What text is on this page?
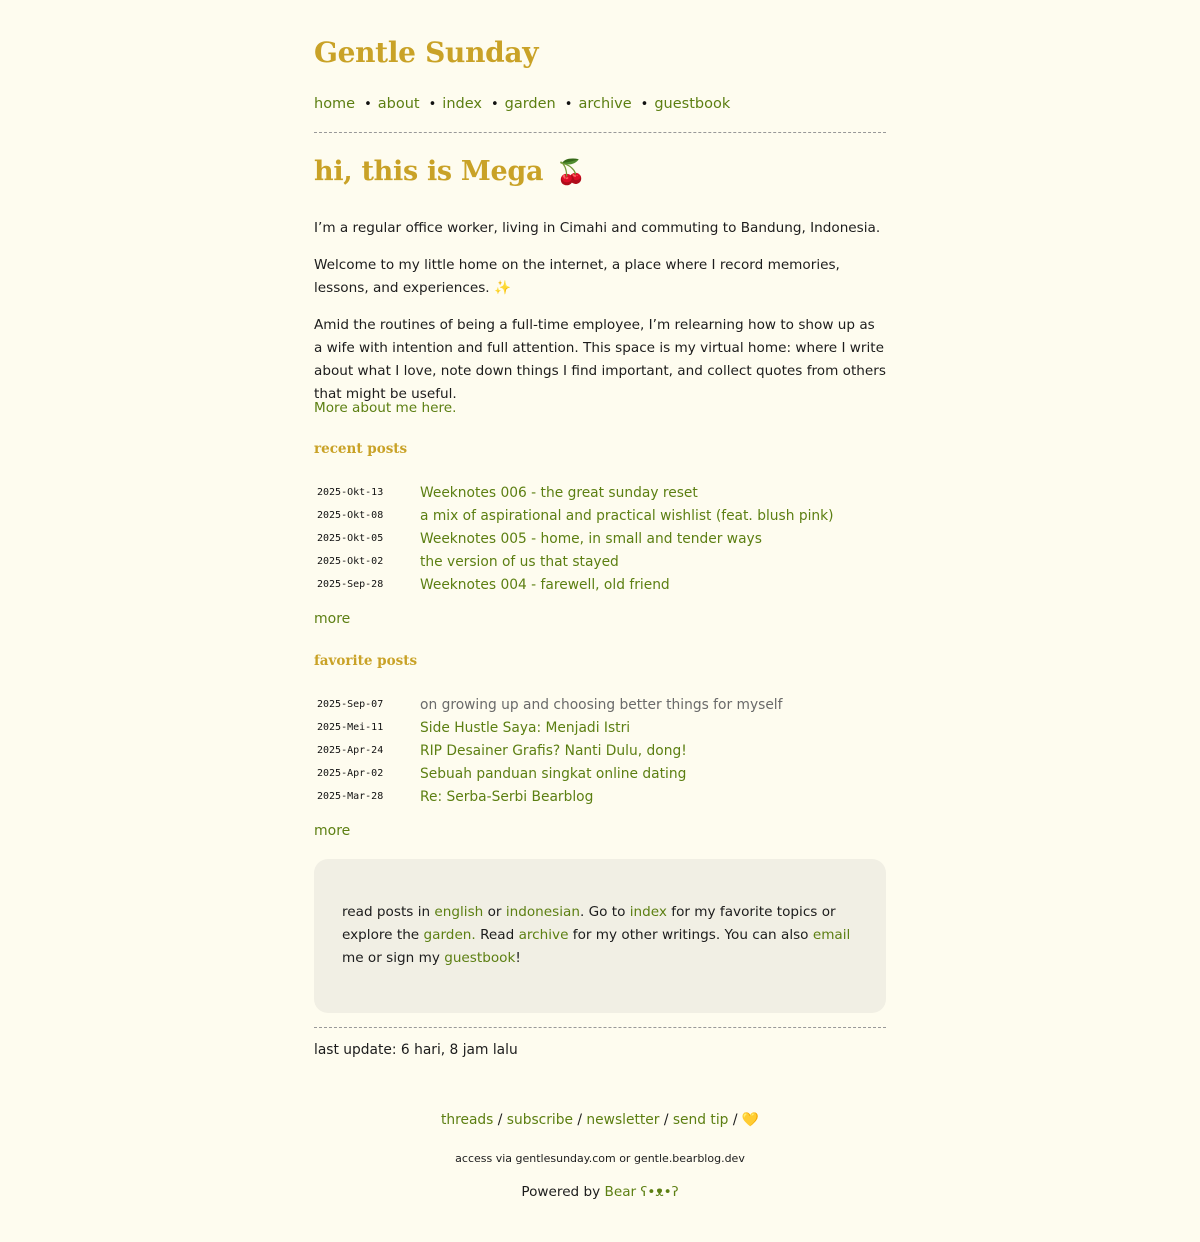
Gentle Sunday
home • about • index • garden • archive • guestbook
hi, this is Mega 🍒

I’m a regular office worker, living in Cimahi and commuting to Bandung, Indonesia.

Welcome to my little home on the internet, a place where I record memories, lessons, and experiences. ✨

Amid the routines of being a full-time employee, I’m relearning how to show up as a wife with intention and full attention. This space is my virtual home: where I write about what I love, note down things I find important, and collect quotes from others that might be useful.

More about me here.

recent posts
2025-Okt-13	Weeknotes 006 - the great sunday reset
2025-Okt-08	a mix of aspirational and practical wishlist (feat. blush pink)
2025-Okt-05	Weeknotes 005 - home, in small and tender ways
2025-Okt-02	the version of us that stayed
2025-Sep-28	Weeknotes 004 - farewell, old friend
more
favorite posts
2025-Sep-07	on growing up and choosing better things for myself
2025-Mei-11	Side Hustle Saya: Menjadi Istri
2025-Apr-24	RIP Desainer Grafis? Nanti Dulu, dong!
2025-Apr-02	Sebuah panduan singkat online dating
2025-Mar-28	Re: Serba-Serbi Bearblog
more

read posts in english or indonesian. Go to index for my favorite topics or explore the garden. Read archive for my other writings. You can also email me or sign my guestbook!

last update: 6 hari, 8 jam lalu
threads / subscribe / newsletter / send tip / 💛
access via gentlesunday.com or gentle.bearblog.dev
Powered by Bear ʕ•ᴥ•ʔ
